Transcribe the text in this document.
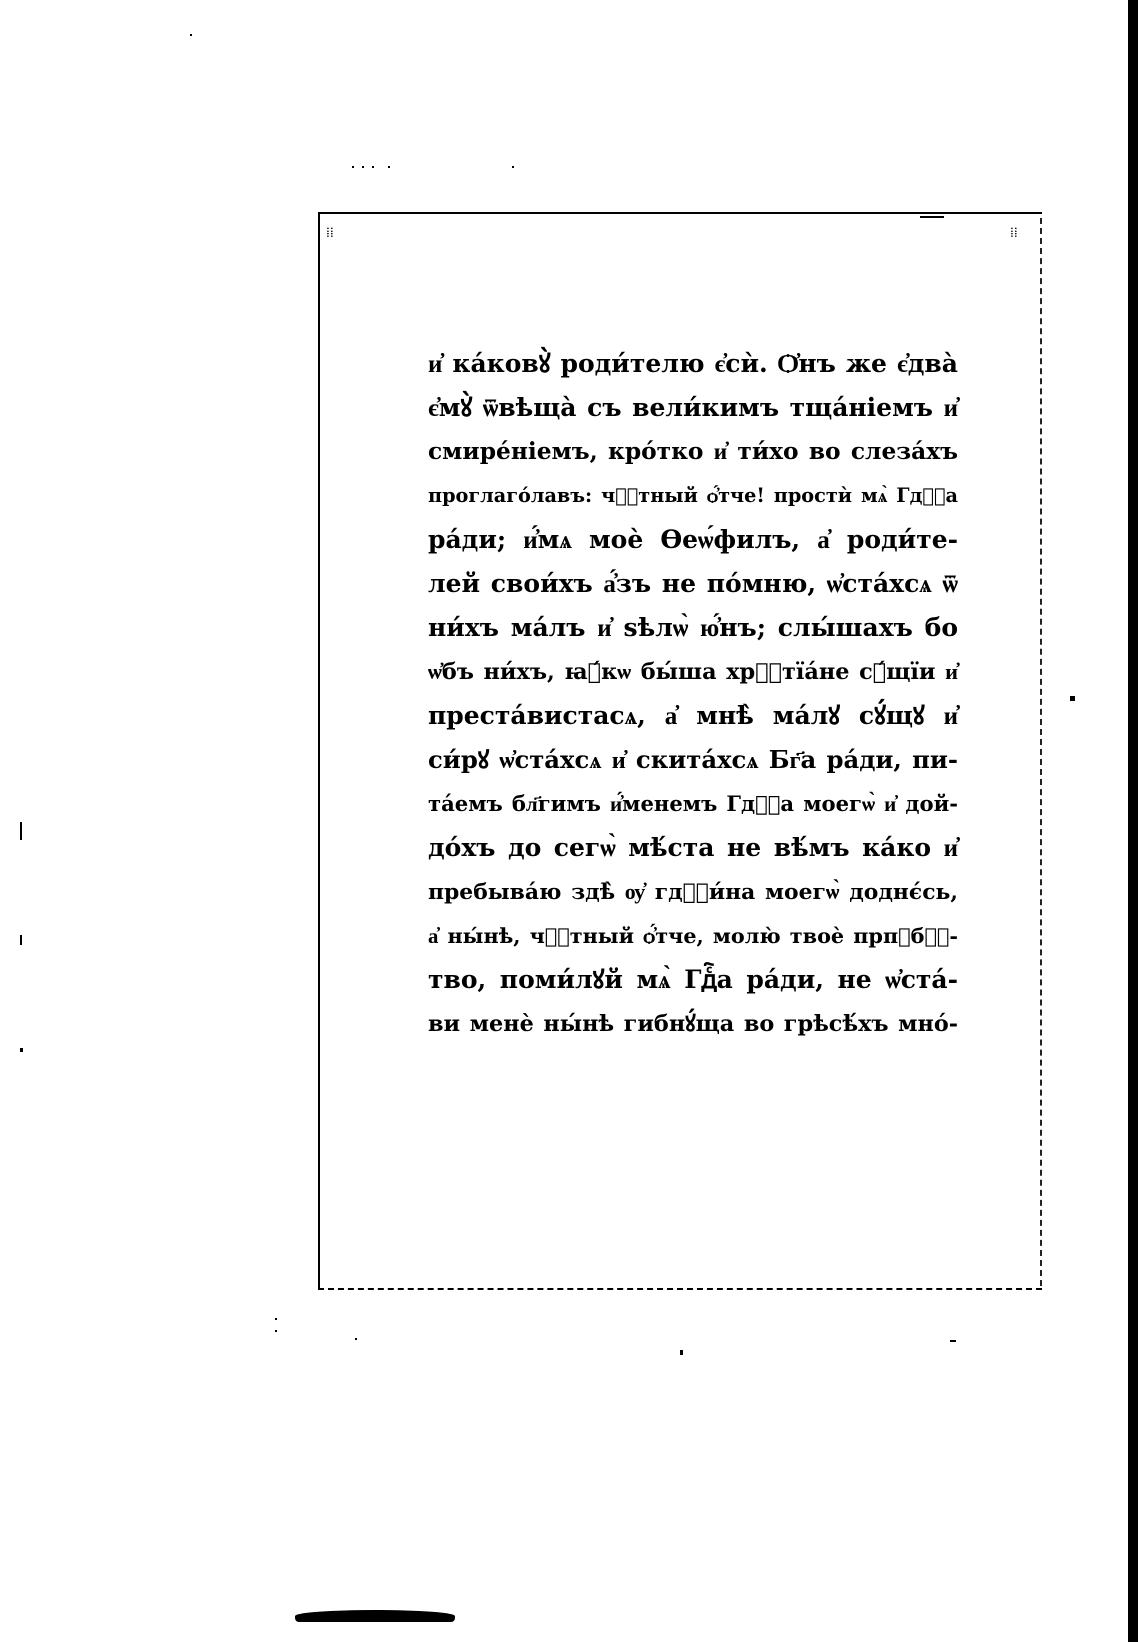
⁞⁞	⁞⁞
и҆ ка́ковꙋ̀ роди́телю є҆сѝ. Ѻ҆нъ же є҆два̀
є҆мꙋ̀ ѿвѣща̀ съ вели́кимъ тща́ніемъ и҆
смире́ніемъ, кро́тко и҆ ти́хо во слеза́хъ
проглаго́лавъ: чⷭ҇тный ѻ҆́тче! простѝ мѧ̀ Гдⷭ҇а
ра́ди; и҆́мѧ моѐ Ѳеѡ́филъ, а҆ роди́те-
лей свои́хъ а҆́зъ не по́мню, ѡ҆ста́хсѧ ѿ
ни́хъ ма́лъ и҆ ѕѣлѡ̀ ю҆́нъ; слы́шахъ бо
ѡ҆бъ ни́хъ, ꙗ҆́кѡ бы́ша хрⷭ҇тїа́не сꙋ́щїи и҆
преста́вистасѧ, а҆ мнѣ̀ ма́лꙋ сꙋ́щꙋ и҆
си́рꙋ ѡ҆ста́хсѧ и҆ скита́хсѧ Бг҃а ра́ди, пи-
та́емъ бл҃гимъ и҆́менемъ Гдⷭ҇а моегѡ̀ и҆ дой-
до́хъ до сегѡ̀ мѣ́ста не вѣ́мъ ка́ко и҆
пребыва́ю здѣ̀ ѹ҆ гдⷭ҇и́на моегѡ̀ доднє́сь,
а҆ ны́нѣ, чⷭ҇тный ѻ҆́тче, молю̀ твоѐ прпⷣбⷭ҇-
тво, поми́лꙋй мѧ̀ Гдⷭ҇а ра́ди, не ѡ҆ста́-
ви менѐ ны́нѣ гибнꙋ́ща во грѣсѣ́хъ мно́-
